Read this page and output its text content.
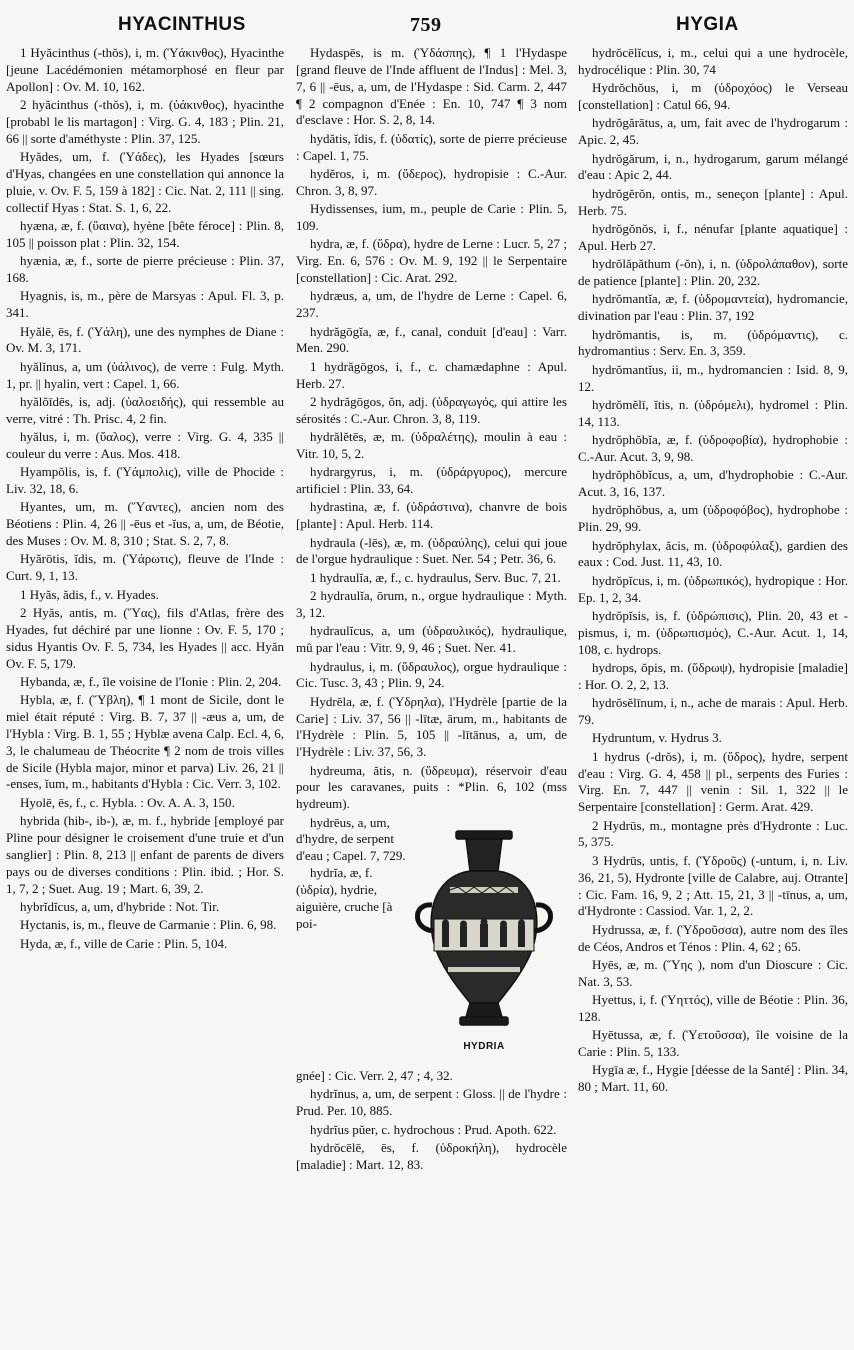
HYACINTHUS	759	HYGIA

1 Hyăcinthus (-thŏs), i, m. (Ὑάκινθος), Hyacinthe [jeune Lacédémonien métamorphosé en fleur par Apollon] : Ov. M. 10, 162.

2 hyăcinthus (-thŏs), i, m. (ὑάκινθος), hyacinthe [probabl le lis martagon] : Virg. G. 4, 183 ; Plin. 21, 66 || sorte d'améthyste : Plin. 37, 125.

Hyădes, um, f. (Ὑάδες), les Hyades [sœurs d'Hyas, changées en une constellation qui annonce la pluie, v. Ov. F. 5, 159 à 182] : Cic. Nat. 2, 111 || sing. collectif Hyas : Stat. S. 1, 6, 22.

hyæna, æ, f. (ὕαινα), hyène [bête féroce] : Plin. 8, 105 || poisson plat : Plin. 32, 154.

hyænia, æ, f., sorte de pierre précieuse : Plin. 37, 168.

Hyagnis, is, m., père de Marsyas : Apul. Fl. 3, p. 341.

Hyălē, ēs, f. (Ὑάλη), une des nymphes de Diane : Ov. M. 3, 171.

hyălĭnus, a, um (ὑάλινος), de verre : Fulg. Myth. 1, pr. || hyalin, vert : Capel. 1, 66.

hyălŏīdēs, is, adj. (ὑαλοειδής), qui ressemble au verre, vitré : Th. Prisc. 4, 2 fin.

hyălus, i, m. (ὕαλος), verre : Virg. G. 4, 335 || couleur du verre : Aus. Mos. 418.

Hyampŏlis, is, f. (Ὑάμπολις), ville de Phocide : Liv. 32, 18, 6.

Hyantes, um, m. (Ὕαντες), ancien nom des Béotiens : Plin. 4, 26 || -ēus et -ĭus, a, um, de Béotie, des Muses : Ov. M. 8, 310 ; Stat. S. 2, 7, 8.

Hyărōtis, ĭdis, m. (Ὑάρωτις), fleuve de l'Inde : Curt. 9, 1, 13.

1 Hyăs, ădis, f., v. Hyades.

2 Hyăs, antis, m. (Ὕας), fils d'Atlas, frère des Hyades, fut déchiré par une lionne : Ov. F. 5, 170 ; sidus Hyantis Ov. F. 5, 734, les Hyades || acc. Hyăn Ov. F. 5, 179.

Hybanda, æ, f., île voisine de l'Ionie : Plin. 2, 204.

Hybla, æ, f. (Ὕβλη), ¶ 1 mont de Sicile, dont le miel était réputé : Virg. B. 7, 37 || -æus a, um, de l'Hybla : Virg. B. 1, 55 ; Hyblæ avena Calp. Ecl. 4, 6, 3, le chalumeau de Théocrite ¶ 2 nom de trois villes de Sicile (Hybla major, minor et parva) Liv. 26, 21 || -enses, ĭum, m., habitants d'Hybla : Cic. Verr. 3, 102.

Hyolē, ēs, f., c. Hybla. : Ov. A. A. 3, 150.

hybrida (hib-, ib-), æ, m. f., hybride [employé par Pline pour désigner le croisement d'une truie et d'un sanglier] : Plin. 8, 213 || enfant de parents de divers pays ou de diverses conditions : Plin. ibid. ; Hor. S. 1, 7, 2 ; Suet. Aug. 19 ; Mart. 6, 39, 2.

hybrĭdĭcus, a, um, d'hybride : Not. Tir.

Hyctanis, is, m., fleuve de Carmanie : Plin. 6, 98.

Hyda, æ, f., ville de Carie : Plin. 5, 104.

Hydaspēs, is m. (Ὑδάσπης), ¶ 1 l'Hydaspe [grand fleuve de l'Inde affluent de l'Indus] : Mel. 3, 7, 6 || -ēus, a, um, de l'Hydaspe : Sid. Carm. 2, 447 ¶ 2 compagnon d'Enée : En. 10, 747 ¶ 3 nom d'esclave : Hor. S. 2, 8, 14.

hydătis, ĭdis, f. (ὑδατίς), sorte de pierre précieuse : Capel. 1, 75.

hydĕros, i, m. (ὕδερος), hydropisie : C.-Aur. Chron. 3, 8, 97.

Hydissenses, ium, m., peuple de Carie : Plin. 5, 109.

hydra, æ, f. (ὕδρα), hydre de Lerne : Lucr. 5, 27 ; Virg. En. 6, 576 : Ov. M. 9, 192 || le Serpentaire [constellation] : Cic. Arat. 292.

hydræus, a, um, de l'hydre de Lerne : Capel. 6, 237.

hydrăgōgĭa, æ, f., canal, conduit [d'eau] : Varr. Men. 290.

1 hydrăgōgos, i, f., c. chamædaphne : Apul. Herb. 27.

2 hydrăgōgos, ŏn, adj. (ὑδραγωγός, qui attire les sérosités : C.-Aur. Chron. 3, 8, 119.

hydrălĕtēs, æ, m. (ὑδραλέτης), moulin à eau : Vitr. 10, 5, 2.

hydrargyrus, i, m. (ὑδράργυρος), mercure artificiel : Plin. 33, 64.

hydrastina, æ, f. (ὑδράστινα), chanvre de bois [plante] : Apul. Herb. 114.

hydraula (-lēs), æ, m. (ὑδραύλης), celui qui joue de l'orgue hydraulique : Suet. Ner. 54 ; Petr. 36, 6.

1 hydraulĭa, æ, f., c. hydraulus, Serv. Buc. 7, 21.

2 hydraulĭa, ōrum, n., orgue hydraulique : Myth. 3, 12.

hydraulĭcus, a, um (ὑδραυλικός), hydraulique, mû par l'eau : Vitr. 9, 9, 46 ; Suet. Ner. 41.

hydraulus, i, m. (ὕδραυλος), orgue hydraulique : Cic. Tusc. 3, 43 ; Plin. 9, 24.

Hydrēla, æ, f. (Ὑδρηλα), l'Hydrèle [partie de la Carie] : Liv. 37, 56 || -lītæ, ārum, m., habitants de l'Hydrèle : Plin. 5, 105 || -lītānus, a, um, de l'Hydrèle : Liv. 37, 56, 3.

hydreuma, ătis, n. (ὕδρευμα), réservoir d'eau pour les caravanes, puits : *Plin. 6, 102 (mss hydreum).

hydrēus, a, um, d'hydre, de serpent d'eau ; Capel. 7, 729.

hydrĭa, æ, f. (ὑδρία), hydrie, aiguière, cruche [à poi-

HYDRIA

gnée] : Cic. Verr. 2, 47 ; 4, 32.

hydrĭnus, a, um, de serpent : Gloss. || de l'hydre : Prud. Per. 10, 885.

hydrĭus pŭer, c. hydrochous : Prud. Apoth. 622.

hydrŏcēlē, ēs, f. (ὑδροκήλη), hydrocèle [maladie] : Mart. 12, 83.

hydrŏcēlĭcus, i, m., celui qui a une hydrocèle, hydrocélique : Plin. 30, 74

Hydrŏchŏus, i, m (ὑδροχόος) le Verseau [constellation] : Catul 66, 94.

hydrŏgărātus, a, um, fait avec de l'hydrogarum : Apic. 2, 45.

hydrŏgărum, i, n., hydrogarum, garum mélangé d'eau : Apic 2, 44.

hydrŏgĕrŏn, ontis, m., seneçon [plante] : Apul. Herb. 75.

hydrŏgŏnŏs, i, f., nénufar [plante aquatique] : Apul. Herb 27.

hydrŏlăpăthum (-ŏn), i, n. (ὑδρολάπαθον), sorte de patience [plante] : Plin. 20, 232.

hydrŏmantĭa, æ, f. (ὑδρομαντεία), hydromancie, divination par l'eau : Plin. 37, 192

hydrŏmantis, is, m. (ὑδρόμαντις), c. hydromantius : Serv. En. 3, 359.

hydrŏmantĭus, ii, m., hydromancien : Isid. 8, 9, 12.

hydrŏmĕlī, ĭtis, n. (ὑδρόμελι), hydromel : Plin. 14, 113.

hydrŏphŏbĭa, æ, f. (ὑδροφοβία), hydrophobie : C.-Aur. Acut. 3, 9, 98.

hydrŏphŏbĭcus, a, um, d'hydrophobie : C.-Aur. Acut. 3, 16, 137.

hydrŏphŏbus, a, um (ὑδροφόβος), hydrophobe : Plin. 29, 99.

hydrŏphylax, ăcis, m. (ὑδροφύλαξ), gardien des eaux : Cod. Just. 11, 43, 10.

hydrŏpĭcus, i, m. (ὑδρωπικός), hydropique : Hor. Ep. 1, 2, 34.

hydrŏpĭsis, is, f. (ὑδρώπισις), Plin. 20, 43 et -pismus, i, m. (ὑδρωπισμός), C.-Aur. Acut. 1, 14, 108, c. hydrops.

hydrops, ŏpis, m. (ὕδρωψ), hydropisie [maladie] : Hor. O. 2, 2, 13.

hydrŏsĕlīnum, i, n., ache de marais : Apul. Herb. 79.

Hydruntum, v. Hydrus 3.

1 hydrus (-drŏs), i, m. (ὕδρος), hydre, serpent d'eau : Virg. G. 4, 458 || pl., serpents des Furies : Virg. En. 7, 447 || venin : Sil. 1, 322 || le Serpentaire [constellation] : Germ. Arat. 429.

2 Hydrūs, m., montagne près d'Hydronte : Luc. 5, 375.

3 Hydrūs, untis, f. (Ὑδροῦς) (-untum, i, n. Liv. 36, 21, 5), Hydronte [ville de Calabre, auj. Otrante] : Cic. Fam. 16, 9, 2 ; Att. 15, 21, 3 || -tīnus, a, um, d'Hydronte : Cassiod. Var. 1, 2, 2.

Hydrussa, æ, f. (Ὑδροῦσσα), autre nom des îles de Céos, Andros et Ténos : Plin. 4, 62 ; 65.

Hyēs, æ, m. (Ὕης ), nom d'un Dioscure : Cic. Nat. 3, 53.

Hyettus, i, f. (Ὑηττός), ville de Béotie : Plin. 36, 128.

Hyētussa, æ, f. (Ὑετοῦσσα), île voisine de la Carie : Plin. 5, 133.

Hygīa æ, f., Hygie [déesse de la Santé] : Plin. 34, 80 ; Mart. 11, 60.
